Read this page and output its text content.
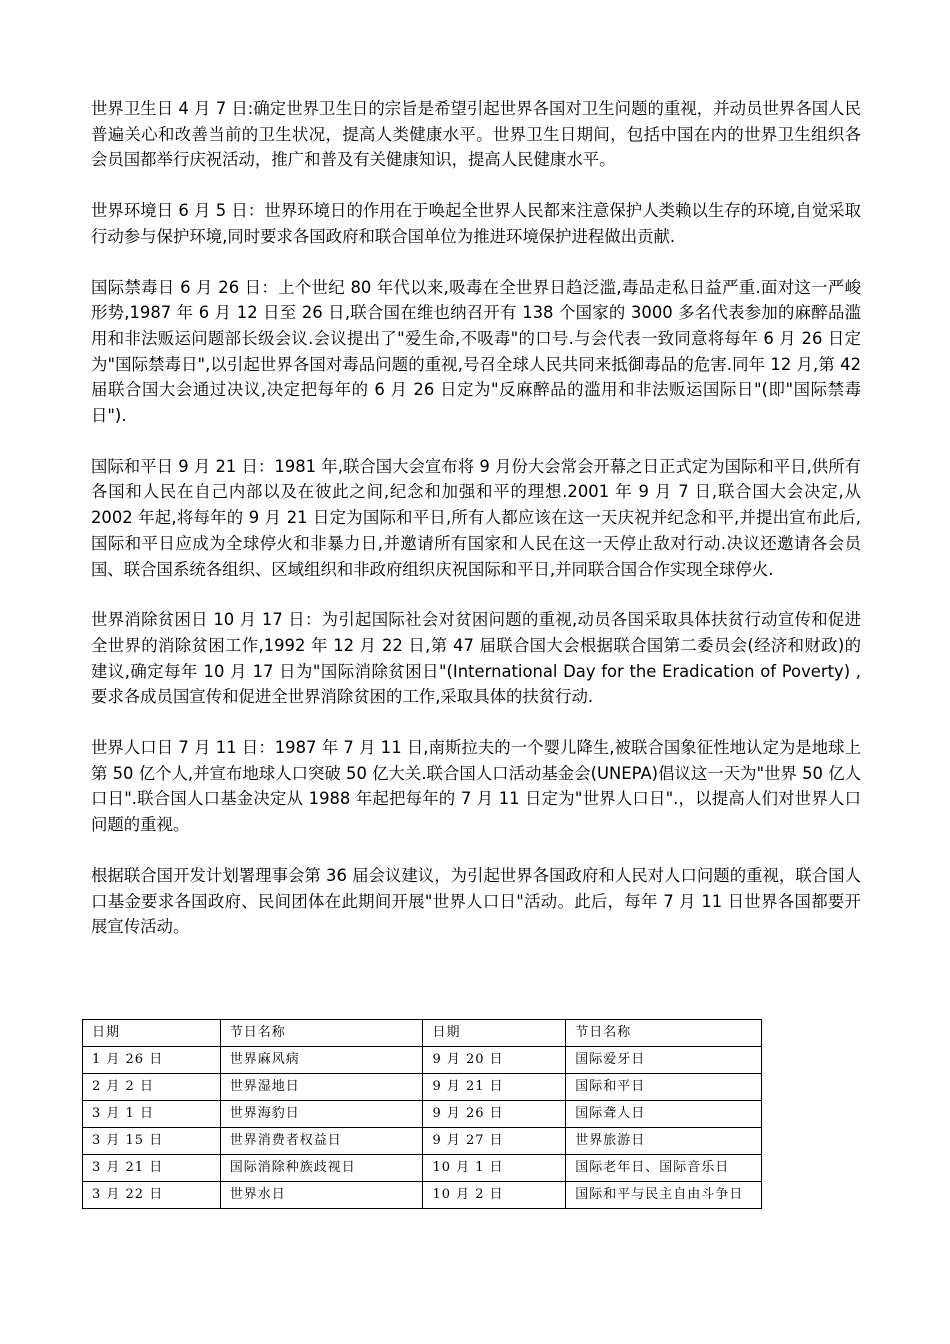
世界卫生日 4 月 7 日:确定世界卫生日的宗旨是希望引起世界各国对卫生问题的重视，并动员世界各国人民普遍关心和改善当前的卫生状况，提高人类健康水平。世界卫生日期间，包括中国在内的世界卫生组织各会员国都举行庆祝活动，推广和普及有关健康知识，提高人民健康水平。

世界环境日 6 月 5 日：世界环境日的作用在于唤起全世界人民都来注意保护人类赖以生存的环境,自觉采取行动参与保护环境,同时要求各国政府和联合国单位为推进环境保护进程做出贡献.

国际禁毒日 6 月 26 日：上个世纪 80 年代以来,吸毒在全世界日趋泛滥,毒品走私日益严重.面对这一严峻形势,1987 年 6 月 12 日至 26 日,联合国在维也纳召开有 138 个国家的 3000 多名代表参加的麻醉品滥用和非法贩运问题部长级会议.会议提出了"爱生命,不吸毒"的口号.与会代表一致同意将每年 6 月 26 日定为"国际禁毒日",以引起世界各国对毒品问题的重视,号召全球人民共同来抵御毒品的危害.同年 12 月,第 42 届联合国大会通过决议,决定把每年的 6 月 26 日定为"反麻醉品的滥用和非法贩运国际日"(即"国际禁毒日").

国际和平日 9 月 21 日：1981 年,联合国大会宣布将 9 月份大会常会开幕之日正式定为国际和平日,供所有各国和人民在自己内部以及在彼此之间,纪念和加强和平的理想.2001 年 9 月 7 日,联合国大会决定,从 2002 年起,将每年的 9 月 21 日定为国际和平日,所有人都应该在这一天庆祝并纪念和平,并提出宣布此后,国际和平日应成为全球停火和非暴力日,并邀请所有国家和人民在这一天停止敌对行动.决议还邀请各会员国、联合国系统各组织、区域组织和非政府组织庆祝国际和平日,并同联合国合作实现全球停火.

世界消除贫困日 10 月 17 日：为引起国际社会对贫困问题的重视,动员各国采取具体扶贫行动宣传和促进全世界的消除贫困工作,1992 年 12 月 22 日,第 47 届联合国大会根据联合国第二委员会(经济和财政)的建议,确定每年 10 月 17 日为"国际消除贫困日"(International Day for the Eradication of Poverty) ,要求各成员国宣传和促进全世界消除贫困的工作,采取具体的扶贫行动.

世界人口日 7 月 11 日：1987 年 7 月 11 日,南斯拉夫的一个婴儿降生,被联合国象征性地认定为是地球上第 50 亿个人,并宣布地球人口突破 50 亿大关.联合国人口活动基金会(UNEPA)倡议这一天为"世界 50 亿人口日".联合国人口基金决定从 1988 年起把每年的 7 月 11 日定为"世界人口日".，以提高人们对世界人口问题的重视。

根据联合国开发计划署理事会第 36 届会议建议，为引起世界各国政府和人民对人口问题的重视，联合国人口基金要求各国政府、民间团体在此期间开展"世界人口日"活动。此后，每年 7 月 11 日世界各国都要开展宣传活动。

日期	节日名称	日期	节日名称
1 月 26 日	世界麻风病	9 月 20 日	国际爱牙日
2 月 2 日	世界湿地日	9 月 21 日	国际和平日
3 月 1 日	世界海豹日	9 月 26 日	国际聋人日
3 月 15 日	世界消费者权益日	9 月 27 日	世界旅游日
3 月 21 日	国际消除种族歧视日	10 月 1 日	国际老年日、国际音乐日
3 月 22 日	世界水日	10 月 2 日	国际和平与民主自由斗争日
